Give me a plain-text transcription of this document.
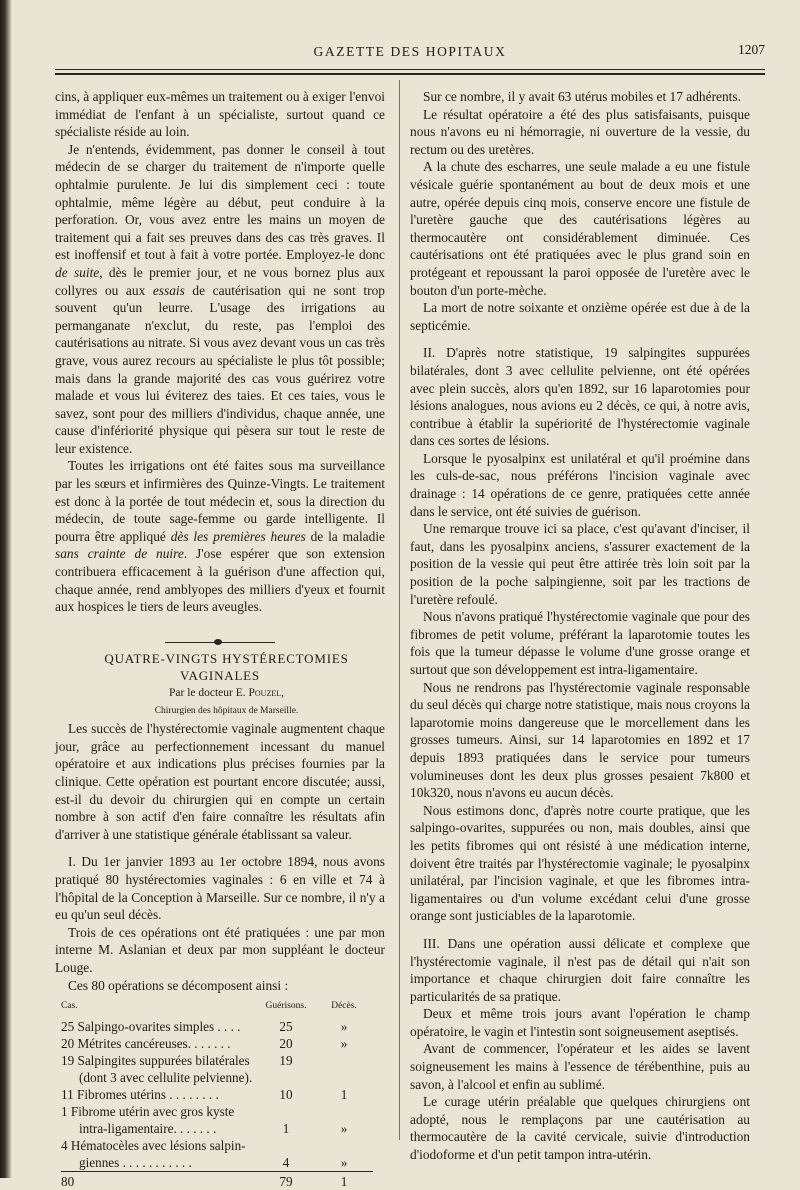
GAZETTE DES HOPITAUX	1207

cins, à appliquer eux-mêmes un traitement ou à exiger l'envoi immédiat de l'enfant à un spécialiste, surtout quand ce spécialiste réside au loin.

Je n'entends, évidemment, pas donner le conseil à tout médecin de se charger du traitement de n'importe quelle ophtalmie purulente. Je lui dis simplement ceci : toute ophtalmie, même légère au début, peut conduire à la perforation. Or, vous avez entre les mains un moyen de traitement qui a fait ses preuves dans des cas très graves. Il est inoffensif et tout à fait à votre portée. Employez-le donc de suite, dès le premier jour, et ne vous bornez plus aux collyres ou aux essais de cautérisation qui ne sont trop souvent qu'un leurre. L'usage des irrigations au permanganate n'exclut, du reste, pas l'emploi des cautérisations au nitrate. Si vous avez devant vous un cas très grave, vous aurez recours au spécialiste le plus tôt possible; mais dans la grande majorité des cas vous guérirez votre malade et vous lui éviterez des taies. Et ces taies, vous le savez, sont pour des milliers d'individus, chaque année, une cause d'infériorité physique qui pèsera sur tout le reste de leur existence.

Toutes les irrigations ont été faites sous ma surveillance par les sœurs et infirmières des Quinze-Vingts. Le traitement est donc à la portée de tout médecin et, sous la direction du médecin, de toute sage-femme ou garde intelligente. Il pourra être appliqué dès les premières heures de la maladie sans crainte de nuire. J'ose espérer que son extension contribuera efficacement à la guérison d'une affection qui, chaque année, rend amblyopes des milliers d'yeux et fournit aux hospices le tiers de leurs aveugles.

QUATRE-VINGTS HYSTÉRECTOMIES VAGINALES

Par le docteur E. Pouzel,

Chirurgien des hôpitaux de Marseille.

Les succès de l'hystérectomie vaginale augmentent chaque jour, grâce au perfectionnement incessant du manuel opératoire et aux indications plus précises fournies par la clinique. Cette opération est pourtant encore discutée; aussi, est-il du devoir du chirurgien qui en compte un certain nombre à son actif d'en faire connaître les résultats afin d'arriver à une statistique générale établissant sa valeur.

I. Du 1er janvier 1893 au 1er octobre 1894, nous avons pratiqué 80 hystérectomies vaginales : 6 en ville et 74 à l'hôpital de la Conception à Marseille. Sur ce nombre, il n'y a eu qu'un seul décès.

Trois de ces opérations ont été pratiquées : une par mon interne M. Aslanian et deux par mon suppléant le docteur Louge.

Ces 80 opérations se décomposent ainsi :

Cas.	Guérisons.	Décès.
25 Salpingo-ovarites simples . . . .	25	»
20 Métrites cancéreuses. . . . . . .	20	»
19 Salpingites suppurées bilatérales	19	
(dont 3 avec cellulite pelvienne).		
11 Fibromes utérins . . . . . . . .	10	1
1 Fibrome utérin avec gros kyste		
intra-ligamentaire. . . . . . .	1	»
4 Hématocèles avec lésions salpin-		
giennes . . . . . . . . . . .	4	»
80	79	1

Sur ce nombre, il y avait 63 utérus mobiles et 17 adhérents.

Le résultat opératoire a été des plus satisfaisants, puisque nous n'avons eu ni hémorragie, ni ouverture de la vessie, du rectum ou des uretères.

A la chute des escharres, une seule malade a eu une fistule vésicale guérie spontanément au bout de deux mois et une autre, opérée depuis cinq mois, conserve encore une fistule de l'uretère gauche que des cautérisations légères au thermocautère ont considérablement diminuée. Ces cautérisations ont été pratiquées avec le plus grand soin en protégeant et repoussant la paroi opposée de l'uretère avec le bouton d'un porte-mèche.

La mort de notre soixante et onzième opérée est due à de la septicémie.

II. D'après notre statistique, 19 salpingites suppurées bilatérales, dont 3 avec cellulite pelvienne, ont été opérées avec plein succès, alors qu'en 1892, sur 16 laparotomies pour lésions analogues, nous avions eu 2 décès, ce qui, à notre avis, contribue à établir la supériorité de l'hystérectomie vaginale dans ces sortes de lésions.

Lorsque le pyosalpinx est unilatéral et qu'il proémine dans les culs-de-sac, nous préférons l'incision vaginale avec drainage : 14 opérations de ce genre, pratiquées cette année dans le service, ont été suivies de guérison.

Une remarque trouve ici sa place, c'est qu'avant d'inciser, il faut, dans les pyosalpinx anciens, s'assurer exactement de la position de la vessie qui peut être attirée très loin soit par la position de la poche salpingienne, soit par les tractions de l'uretère refoulé.

Nous n'avons pratiqué l'hystérectomie vaginale que pour des fibromes de petit volume, préférant la laparotomie toutes les fois que la tumeur dépasse le volume d'une grosse orange et surtout que son développement est intra-ligamentaire.

Nous ne rendrons pas l'hystérectomie vaginale responsable du seul décès qui charge notre statistique, mais nous croyons la laparotomie moins dangereuse que le morcellement dans les grosses tumeurs. Ainsi, sur 14 laparotomies en 1892 et 17 depuis 1893 pratiquées dans le service pour tumeurs volumineuses dont les deux plus grosses pesaient 7k800 et 10k320, nous n'avons eu aucun décès.

Nous estimons donc, d'après notre courte pratique, que les salpingo-ovarites, suppurées ou non, mais doubles, ainsi que les petits fibromes qui ont résisté à une médication interne, doivent être traités par l'hystérectomie vaginale; le pyosalpinx unilatéral, par l'incision vaginale, et que les fibromes intra-ligamentaires ou d'un volume excédant celui d'une grosse orange sont justiciables de la laparotomie.

III. Dans une opération aussi délicate et complexe que l'hystérectomie vaginale, il n'est pas de détail qui n'ait son importance et chaque chirurgien doit faire connaître les particularités de sa pratique.

Deux et même trois jours avant l'opération le champ opératoire, le vagin et l'intestin sont soigneusement aseptisés.

Avant de commencer, l'opérateur et les aides se lavent soigneusement les mains à l'essence de térébenthine, puis au savon, à l'alcool et enfin au sublimé.

Le curage utérin préalable que quelques chirurgiens ont adopté, nous le remplaçons par une cautérisation au thermocautère de la cavité cervicale, suivie d'introduction d'iodoforme et d'un petit tampon intra-utérin.
